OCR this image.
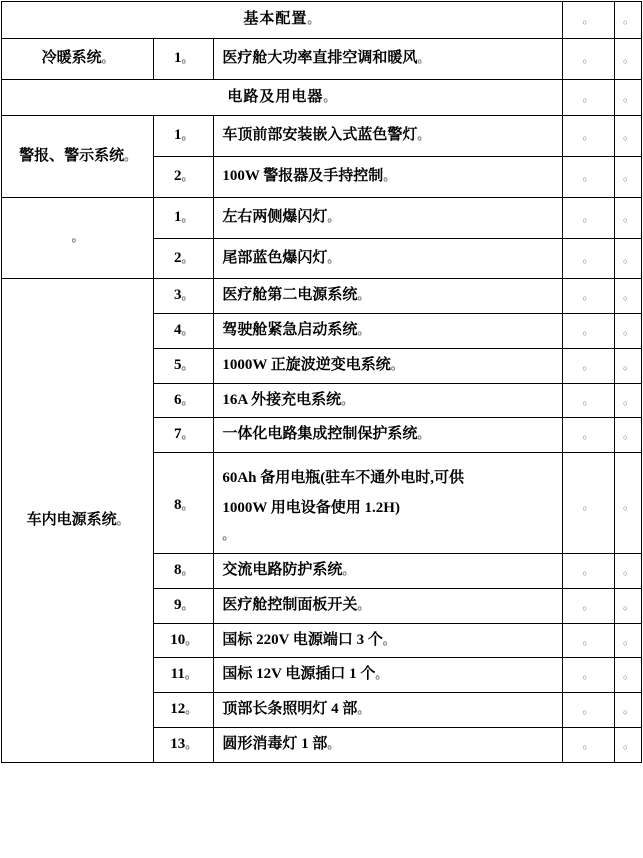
基本配置。			。	。

冷暖系统。	1。	医疗舱大功率直排空调和暖风。	。	。

电路及用电器。			。	。

警报、警示系统。	1。	车顶前部安装嵌入式蓝色警灯。	。	。

	2。	100W 警报器及手持控制。	。	。

。	1。	左右两侧爆闪灯。	。	。

	2。	尾部蓝色爆闪灯。	。	。

车内电源系统。	3。	医疗舱第二电源系统。	。	。

	4。	驾驶舱紧急启动系统。	。	。

	5。	1000W 正旋波逆变电系统。	。	。

	6。	16A 外接充电系统。	。	。

	7。	一体化电路集成控制保护系统。	。	。

	8。	60Ah 备用电瓶(驻车不通外电时,可供
1000W 用电设备使用 1.2H)
。	。	。

	8。	交流电路防护系统。	。	。

	9。	医疗舱控制面板开关。	。	。

	10。	国标 220V 电源端口 3 个。	。	。

	11。	国标 12V 电源插口 1 个。	。	。

	12。	顶部长条照明灯 4 部。	。	。

	13。	圆形消毒灯 1 部。	。	。
